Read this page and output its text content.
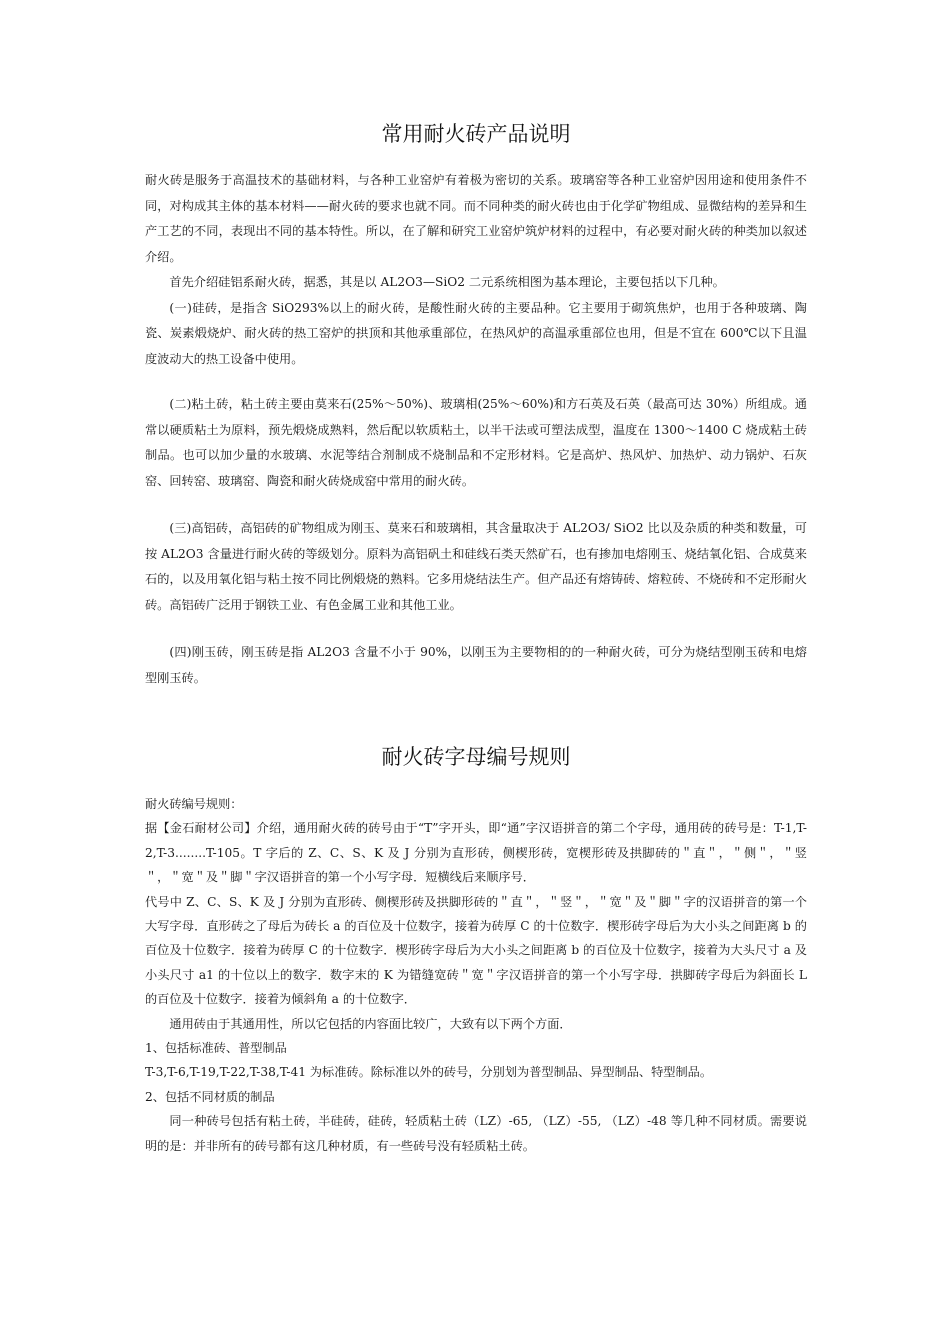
常用耐火砖产品说明

耐火砖是服务于高温技术的基础材料，与各种工业窑炉有着极为密切的关系。玻璃窑等各种工业窑炉因用途和使用条件不同，对构成其主体的基本材料——耐火砖的要求也就不同。而不同种类的耐火砖也由于化学矿物组成、显微结构的差异和生产工艺的不同，表现出不同的基本特性。所以，在了解和研究工业窑炉筑炉材料的过程中，有必要对耐火砖的种类加以叙述介绍。

首先介绍硅铝系耐火砖，据悉，其是以 AL2O3—SiO2 二元系统相图为基本理论，主要包括以下几种。

(一)硅砖，是指含 SiO293%以上的耐火砖，是酸性耐火砖的主要品种。它主要用于砌筑焦炉，也用于各种玻璃、陶瓷、炭素煅烧炉、耐火砖的热工窑炉的拱顶和其他承重部位，在热风炉的高温承重部位也用，但是不宜在 600℃以下且温度波动大的热工设备中使用。

(二)粘土砖，粘土砖主要由莫来石(25%～50%)、玻璃相(25%～60%)和方石英及石英（最高可达 30%）所组成。通常以硬质粘土为原料，预先煅烧成熟料，然后配以软质粘土，以半干法或可塑法成型，温度在 1300～1400 C 烧成粘土砖制品。也可以加少量的水玻璃、水泥等结合剂制成不烧制品和不定形材料。它是高炉、热风炉、加热炉、动力锅炉、石灰窑、回转窑、玻璃窑、陶瓷和耐火砖烧成窑中常用的耐火砖。

(三)高铝砖，高铝砖的矿物组成为刚玉、莫来石和玻璃相，其含量取决于 AL2O3/ SiO2 比以及杂质的种类和数量，可按 AL2O3 含量进行耐火砖的等级划分。原料为高铝矾土和硅线石类天然矿石，也有掺加电熔刚玉、烧结氧化铝、合成莫来石的，以及用氧化铝与粘土按不同比例煅烧的熟料。它多用烧结法生产。但产品还有熔铸砖、熔粒砖、不烧砖和不定形耐火砖。高铝砖广泛用于钢铁工业、有色金属工业和其他工业。

(四)刚玉砖，刚玉砖是指 AL2O3 含量不小于 90%，以刚玉为主要物相的的一种耐火砖，可分为烧结型刚玉砖和电熔型刚玉砖。

耐火砖字母编号规则

耐火砖编号规则：

据【金石耐材公司】介绍，通用耐火砖的砖号由于“T”字开头，即“通”字汉语拼音的第二个字母，通用砖的砖号是：T-1,T-2,T-3........T-105。T 字后的 Z、C、S、K 及 J 分别为直形砖，侧楔形砖，宽楔形砖及拱脚砖的＂直＂，＂侧＂，＂竖＂，＂宽＂及＂脚＂字汉语拼音的第一个小写字母．短横线后来顺序号．

代号中 Z、C、S、K 及 J 分别为直形砖、侧楔形砖及拱脚形砖的＂直＂，＂竖＂，＂宽＂及＂脚＂字的汉语拼音的第一个大写字母．直形砖之了母后为砖长 a 的百位及十位数字，接着为砖厚 C 的十位数字．楔形砖字母后为大小头之间距离 b 的百位及十位数字．接着为砖厚 C 的十位数字．楔形砖字母后为大小头之间距离 b 的百位及十位数字，接着为大头尺寸 a 及小头尺寸 a1 的十位以上的数字．数字末的 K 为错缝宽砖＂宽＂字汉语拼音的第一个小写字母．拱脚砖字母后为斜面长 L 的百位及十位数字．接着为倾斜角 a 的十位数字．

通用砖由于其通用性，所以它包括的内容面比较广，大致有以下两个方面．

1、包括标准砖、普型制品

T-3,T-6,T-19,T-22,T-38,T-41 为标准砖。除标准以外的砖号，分别划为普型制品、异型制品、特型制品。

2、包括不同材质的制品

同一种砖号包括有粘土砖，半硅砖，硅砖，轻质粘土砖（LZ）-65, （LZ）-55, （LZ）-48 等几种不同材质。需要说明的是：并非所有的砖号都有这几种材质，有一些砖号没有轻质粘土砖。
